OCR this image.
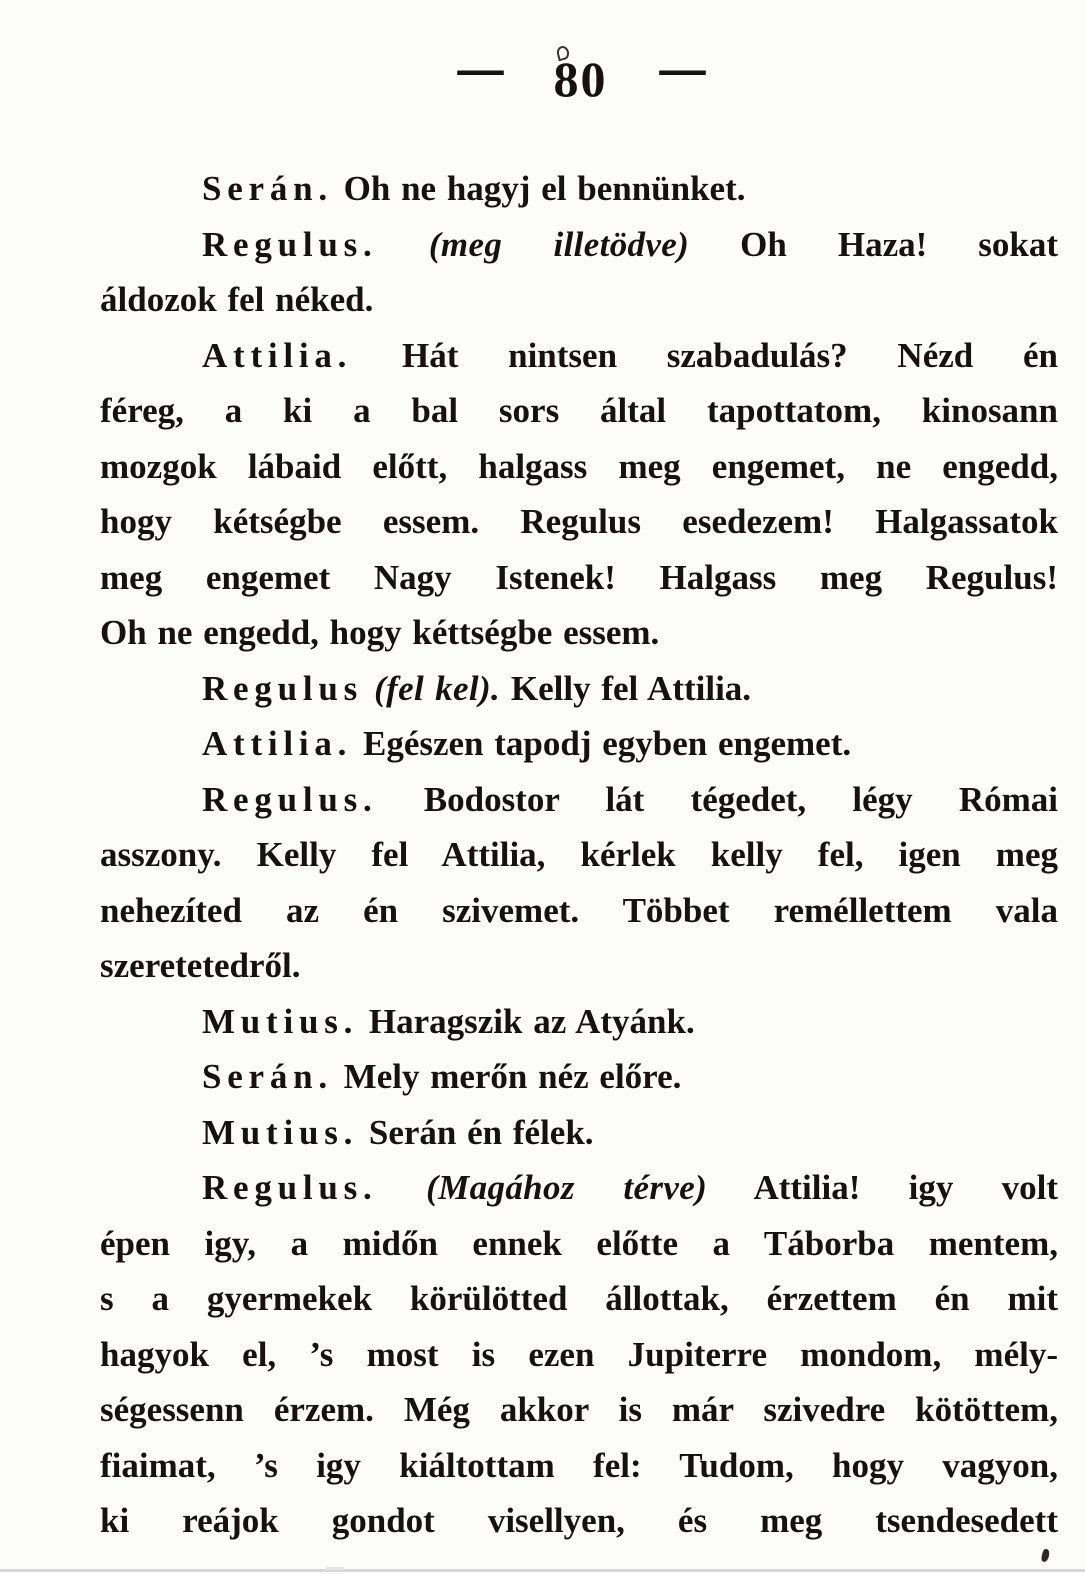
— 80 —
Serán. Oh ne hagyj el bennünket.
Regulus. (meg illetödve) Oh Haza! sokat
áldozok fel néked.
Attilia. Hát nintsen szabadulás? Nézd én
féreg, a ki a bal sors által tapottatom, kinosann
mozgok lábaid előtt, halgass meg engemet, ne engedd,
hogy kétségbe essem. Regulus esedezem! Halgassatok
meg engemet Nagy Istenek! Halgass meg Regulus!
Oh ne engedd, hogy kéttségbe essem.
Regulus (fel kel). Kelly fel Attilia.
Attilia. Egészen tapodj egyben engemet.
Regulus. Bodostor lát tégedet, légy Római
asszony. Kelly fel Attilia, kérlek kelly fel, igen meg
nehezíted az én szivemet. Többet reméllettem vala
szeretetedről.
Mutius. Haragszik az Atyánk.
Serán. Mely merőn néz előre.
Mutius. Serán én félek.
Regulus. (Magához térve) Attilia! igy volt
épen igy, a midőn ennek előtte a Táborba mentem,
s a gyermekek körülötted állottak, érzettem én mit
hagyok el, ’s most is ezen Jupiterre mondom, mély-
ségessenn érzem. Még akkor is már szivedre kötöttem,
fiaimat, ’s igy kiáltottam fel: Tudom, hogy vagyon,
ki reájok gondot visellyen, és meg tsendesedett
